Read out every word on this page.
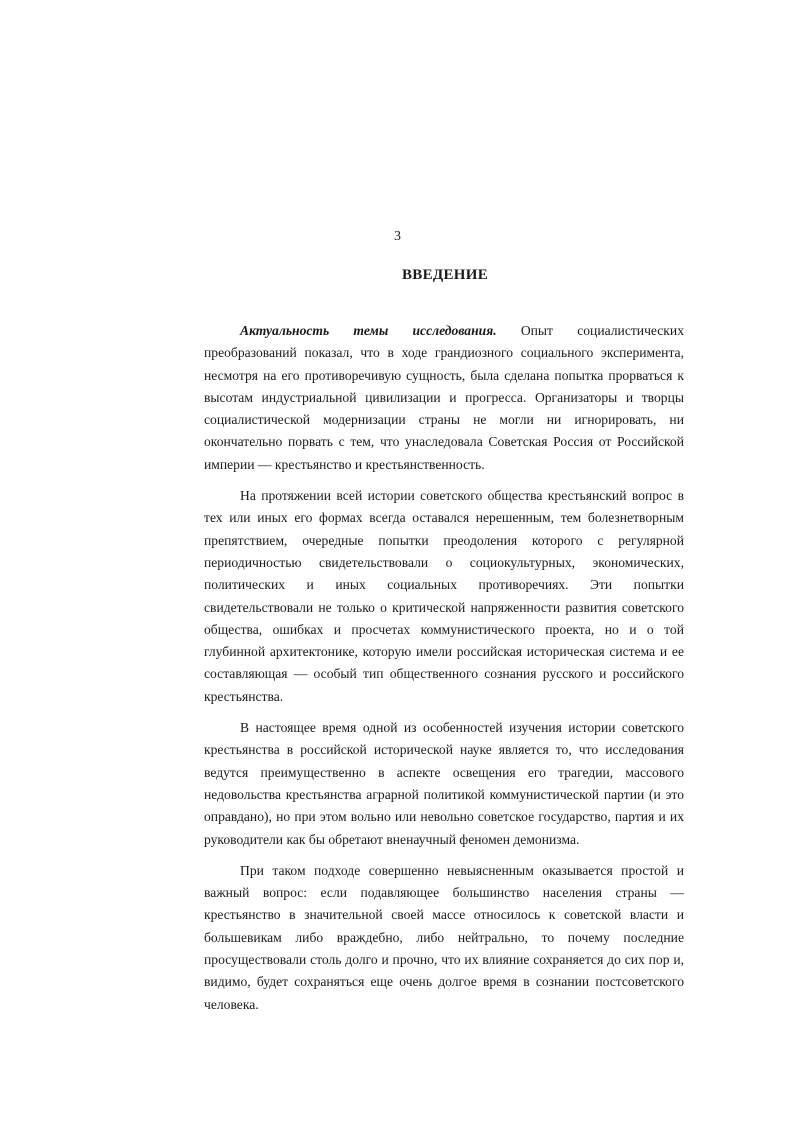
3
ВВЕДЕНИЕ

Актуальность темы исследования. Опыт социалистических преобразований показал, что в ходе грандиозного социального эксперимента, несмотря на его противоречивую сущность, была сделана попытка прорваться к высотам индустриальной цивилизации и прогресса. Организаторы и творцы социалистической модернизации страны не могли ни игнорировать, ни окончательно порвать с тем, что унаследовала Советская Россия от Российской империи — крестьянство и крестьянственность.

На протяжении всей истории советского общества крестьянский вопрос в тех или иных его формах всегда оставался нерешенным, тем болезнетворным препятствием, очередные попытки преодоления которого с регулярной периодичностью свидетельствовали о социокультурных, экономических, политических и иных социальных противоречиях. Эти попытки свидетельствовали не только о критической напряженности развития советского общества, ошибках и просчетах коммунистического проекта, но и о той глубинной архитектонике, которую имели российская историческая система и ее составляющая — особый тип общественного сознания русского и российского крестьянства.

В настоящее время одной из особенностей изучения истории советского крестьянства в российской исторической науке является то, что исследования ведутся преимущественно в аспекте освещения его трагедии, массового недовольства крестьянства аграрной политикой коммунистической партии (и это оправдано), но при этом вольно или невольно советское государство, партия и их руководители как бы обретают вненаучный феномен демонизма.

При таком подходе совершенно невыясненным оказывается простой и важный вопрос: если подавляющее большинство населения страны — крестьянство в значительной своей массе относилось к советской власти и большевикам либо враждебно, либо нейтрально, то почему последние просуществовали столь долго и прочно, что их влияние сохраняется до сих пор и, видимо, будет сохраняться еще очень долгое время в сознании постсоветского человека.
